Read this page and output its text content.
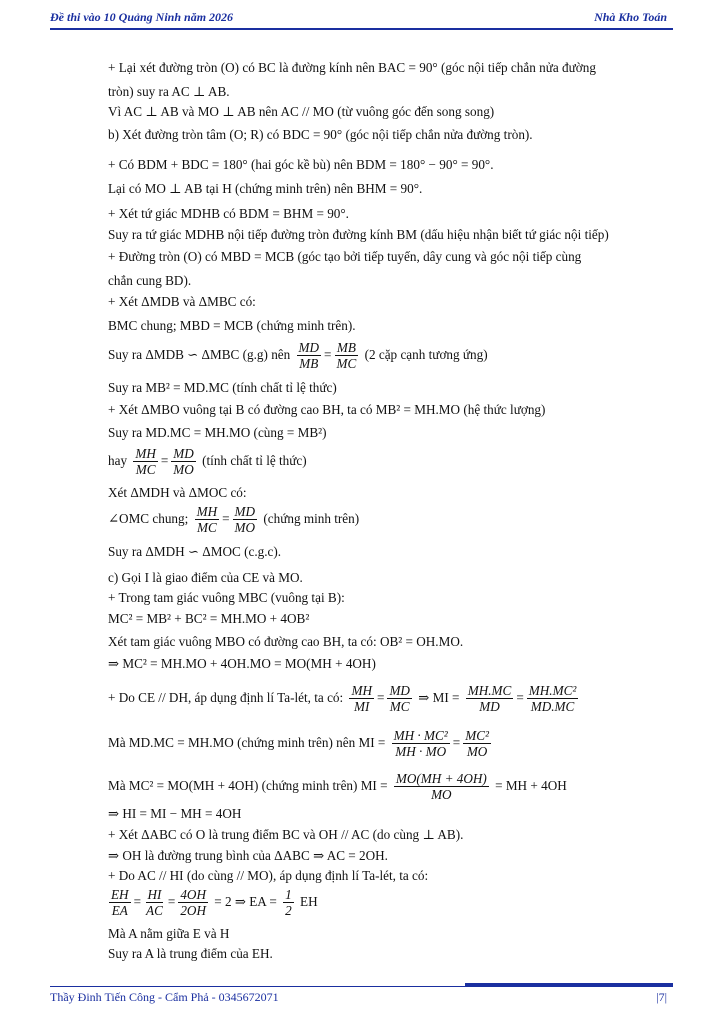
Đề thi vào 10 Quảng Ninh năm 2026	Nhà Kho Toán
+ Lại xét đường tròn (O) có BC là đường kính nên BAC = 90° (góc nội tiếp chắn nửa đường
tròn) suy ra AC ⊥ AB.
Vì AC ⊥ AB và MO ⊥ AB nên AC // MO (từ vuông góc đến song song)
b) Xét đường tròn tâm (O; R) có BDC = 90° (góc nội tiếp chắn nửa đường tròn).
+ Có BDM + BDC = 180° (hai góc kề bù) nên BDM = 180° − 90° = 90°.
Lại có MO ⊥ AB tại H (chứng minh trên) nên BHM = 90°.
+ Xét tứ giác MDHB có BDM = BHM = 90°.
Suy ra tứ giác MDHB nội tiếp đường tròn đường kính BM (dấu hiệu nhận biết tứ giác nội tiếp)
+ Đường tròn (O) có MBD = MCB (góc tạo bởi tiếp tuyến, dây cung và góc nội tiếp cùng
chắn cung BD).
+ Xét ΔMDB và ΔMBC có:
BMC chung; MBD = MCB (chứng minh trên).
Suy ra ΔMDB ∽ ΔMBC (g.g) nên $\frac{MD}{MB} = \frac{MB}{MC} (2$ cặp cạnh tương ứng)
Suy ra MB² = MD.MC (tính chất tỉ lệ thức)
+ Xét ΔMBO vuông tại B có đường cao BH, ta có MB² = MH.MO (hệ thức lượng)
Suy ra MD.MC = MH.MO (cùng = MB²)
hay $\frac{MH}{MC} = \frac{MD}{MO}$ (tính chất tỉ lệ thức)
Xét ΔMDH và ΔMOC có:
∠OMC chung; $\frac{MH}{MC} = \frac{MD}{MO}$ (chứng minh trên)
Suy ra ΔMDH ∽ ΔMOC (c.g.c).
c) Gọi I là giao điểm của CE và MO.
+ Trong tam giác vuông MBC (vuông tại B):
MC² = MB² + BC² = MH.MO + 4OB²
Xét tam giác vuông MBO có đường cao BH, ta có: OB² = OH.MO.
⇒ MC² = MH.MO + 4OH.MO = MO(MH + 4OH)
+ Do CE // DH, áp dụng định lí Ta-lét, ta có: $\frac{MH}{MI} = \frac{MD}{MC}$ ⇒ MI = $\frac{MH.MC}{MD} = \frac{\text{MH.MC²}}{MD.MC}$
Mà MD.MC = MH.MO (chứng minh trên) nên MI = $\frac{\text{MH · MC²}}{MH \cdot MO} = \frac{\text{MC²}}{MO}$
Mà MC² = MO(MH + 4OH) (chứng minh trên) MI = $\frac{MO(MH + 4OH)}{MO}$ = MH + 4OH
⇒ HI = MI − MH = 4OH
+ Xét ΔABC có O là trung điểm BC và OH // AC (do cùng ⊥ AB).
⇒ OH là đường trung bình của ΔABC ⇒ AC = 2OH.
+ Do AC // HI (do cùng // MO), áp dụng định lí Ta-lét, ta có:
$\frac{EH}{EA} = \frac{HI}{AC} = \frac{4OH}{2OH} = 2$ ⇒ EA = $\frac{1}{2}$ EH
Mà A nằm giữa E và H
Suy ra A là trung điểm của EH.
Thầy Đinh Tiến Công - Cẩm Phả - 0345672071	|7|
